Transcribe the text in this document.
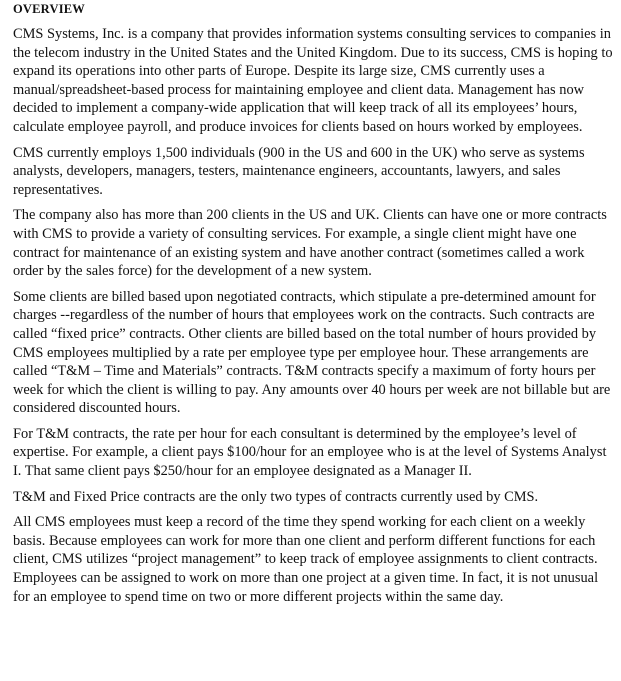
OVERVIEW

CMS Systems, Inc. is a company that provides information systems consulting services to companies in the telecom industry in the United States and the United Kingdom. Due to its success, CMS is hoping to expand its operations into other parts of Europe. Despite its large size, CMS currently uses a manual/spreadsheet-based process for maintaining employee and client data. Management has now decided to implement a company-wide application that will keep track of all its employees’ hours, calculate employee payroll, and produce invoices for clients based on hours worked by employees.

CMS currently employs 1,500 individuals (900 in the US and 600 in the UK) who serve as systems analysts, developers, managers, testers, maintenance engineers, accountants, lawyers, and sales representatives.

The company also has more than 200 clients in the US and UK. Clients can have one or more contracts with CMS to provide a variety of consulting services. For example, a single client might have one contract for maintenance of an existing system and have another contract (sometimes called a work order by the sales force) for the development of a new system.

Some clients are billed based upon negotiated contracts, which stipulate a pre-determined amount for charges --regardless of the number of hours that employees work on the contracts. Such contracts are called “fixed price” contracts. Other clients are billed based on the total number of hours provided by CMS employees multiplied by a rate per employee type per employee hour. These arrangements are called “T&M – Time and Materials” contracts. T&M contracts specify a maximum of forty hours per week for which the client is willing to pay. Any amounts over 40 hours per week are not billable but are considered discounted hours.

For T&M contracts, the rate per hour for each consultant is determined by the employee’s level of expertise. For example, a client pays $100/hour for an employee who is at the level of Systems Analyst I. That same client pays $250/hour for an employee designated as a Manager II.

T&M and Fixed Price contracts are the only two types of contracts currently used by CMS.

All CMS employees must keep a record of the time they spend working for each client on a weekly basis. Because employees can work for more than one client and perform different functions for each client, CMS utilizes “project management” to keep track of employee assignments to client contracts. Employees can be assigned to work on more than one project at a given time. In fact, it is not unusual for an employee to spend time on two or more different projects within the same day.
